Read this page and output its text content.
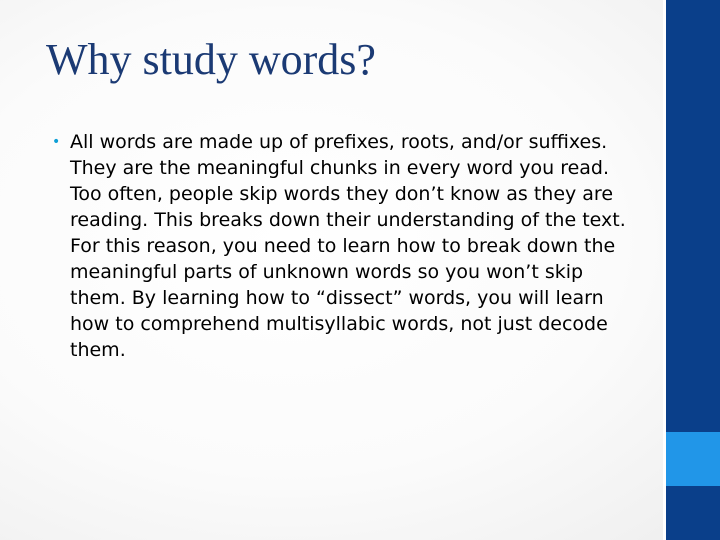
Why study words?
• All words are made up of prefixes, roots, and/or suffixes. They are the meaningful chunks in every word you read. Too often, people skip words they don’t know as they are reading. This breaks down their understanding of the text. For this reason, you need to learn how to break down the meaningful parts of unknown words so you won’t skip them. By learning how to “dissect” words, you will learn how to comprehend multisyllabic words, not just decode them.
